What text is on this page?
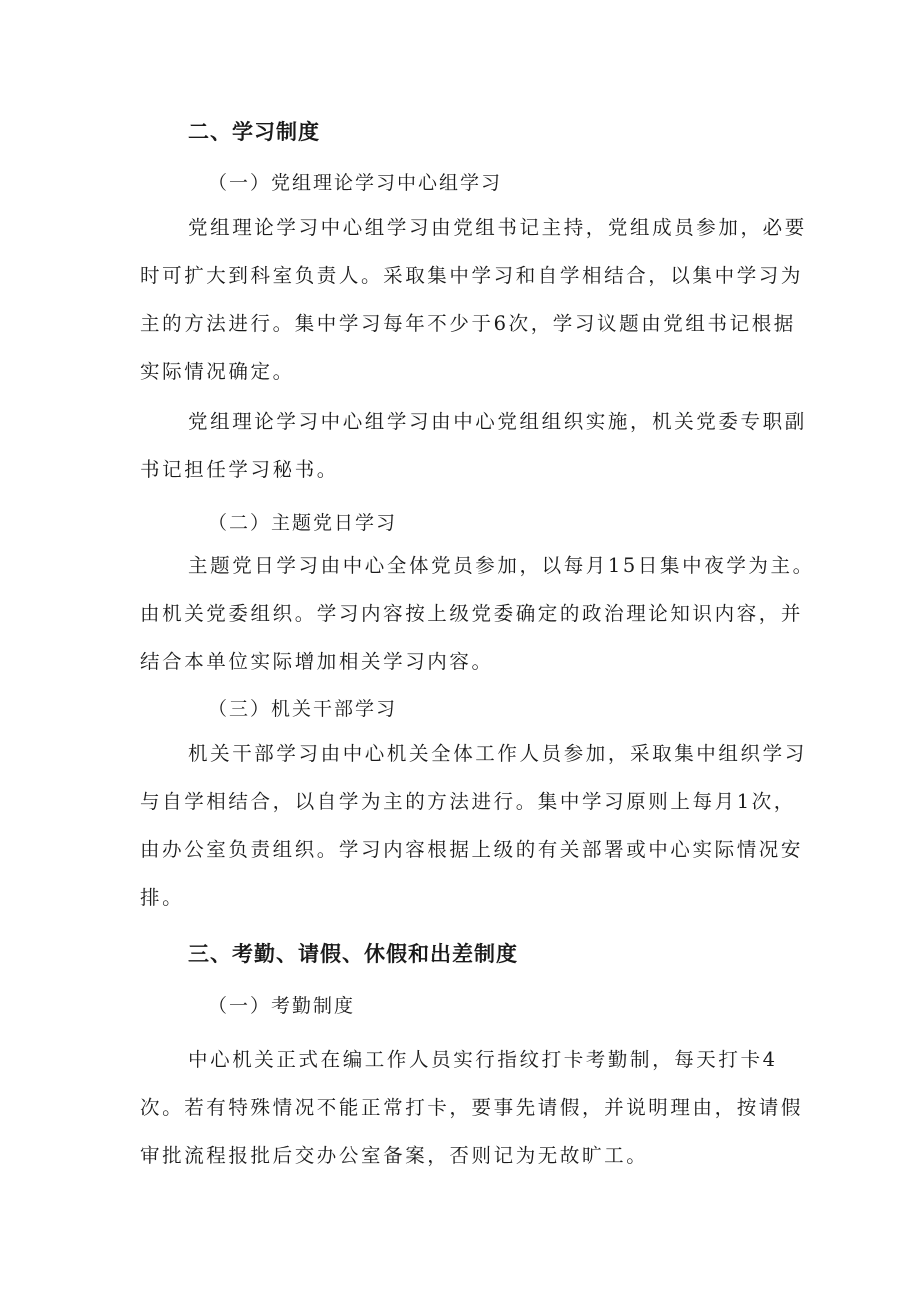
二、学习制度
（一）党组理论学习中心组学习
党组理论学习中心组学习由党组书记主持，党组成员参加，必要
时可扩大到科室负责人。采取集中学习和自学相结合，以集中学习为
主的方法进行。集中学习每年不少于6次，学习议题由党组书记根据
实际情况确定。
党组理论学习中心组学习由中心党组组织实施，机关党委专职副
书记担任学习秘书。
（二）主题党日学习
主题党日学习由中心全体党员参加，以每月15日集中夜学为主。
由机关党委组织。学习内容按上级党委确定的政治理论知识内容，并
结合本单位实际增加相关学习内容。
（三）机关干部学习
机关干部学习由中心机关全体工作人员参加，采取集中组织学习
与自学相结合，以自学为主的方法进行。集中学习原则上每月1次，
由办公室负责组织。学习内容根据上级的有关部署或中心实际情况安
排。
三、考勤、请假、休假和出差制度
（一）考勤制度
中心机关正式在编工作人员实行指纹打卡考勤制，每天打卡4
次。若有特殊情况不能正常打卡，要事先请假，并说明理由，按请假
审批流程报批后交办公室备案，否则记为无故旷工。
